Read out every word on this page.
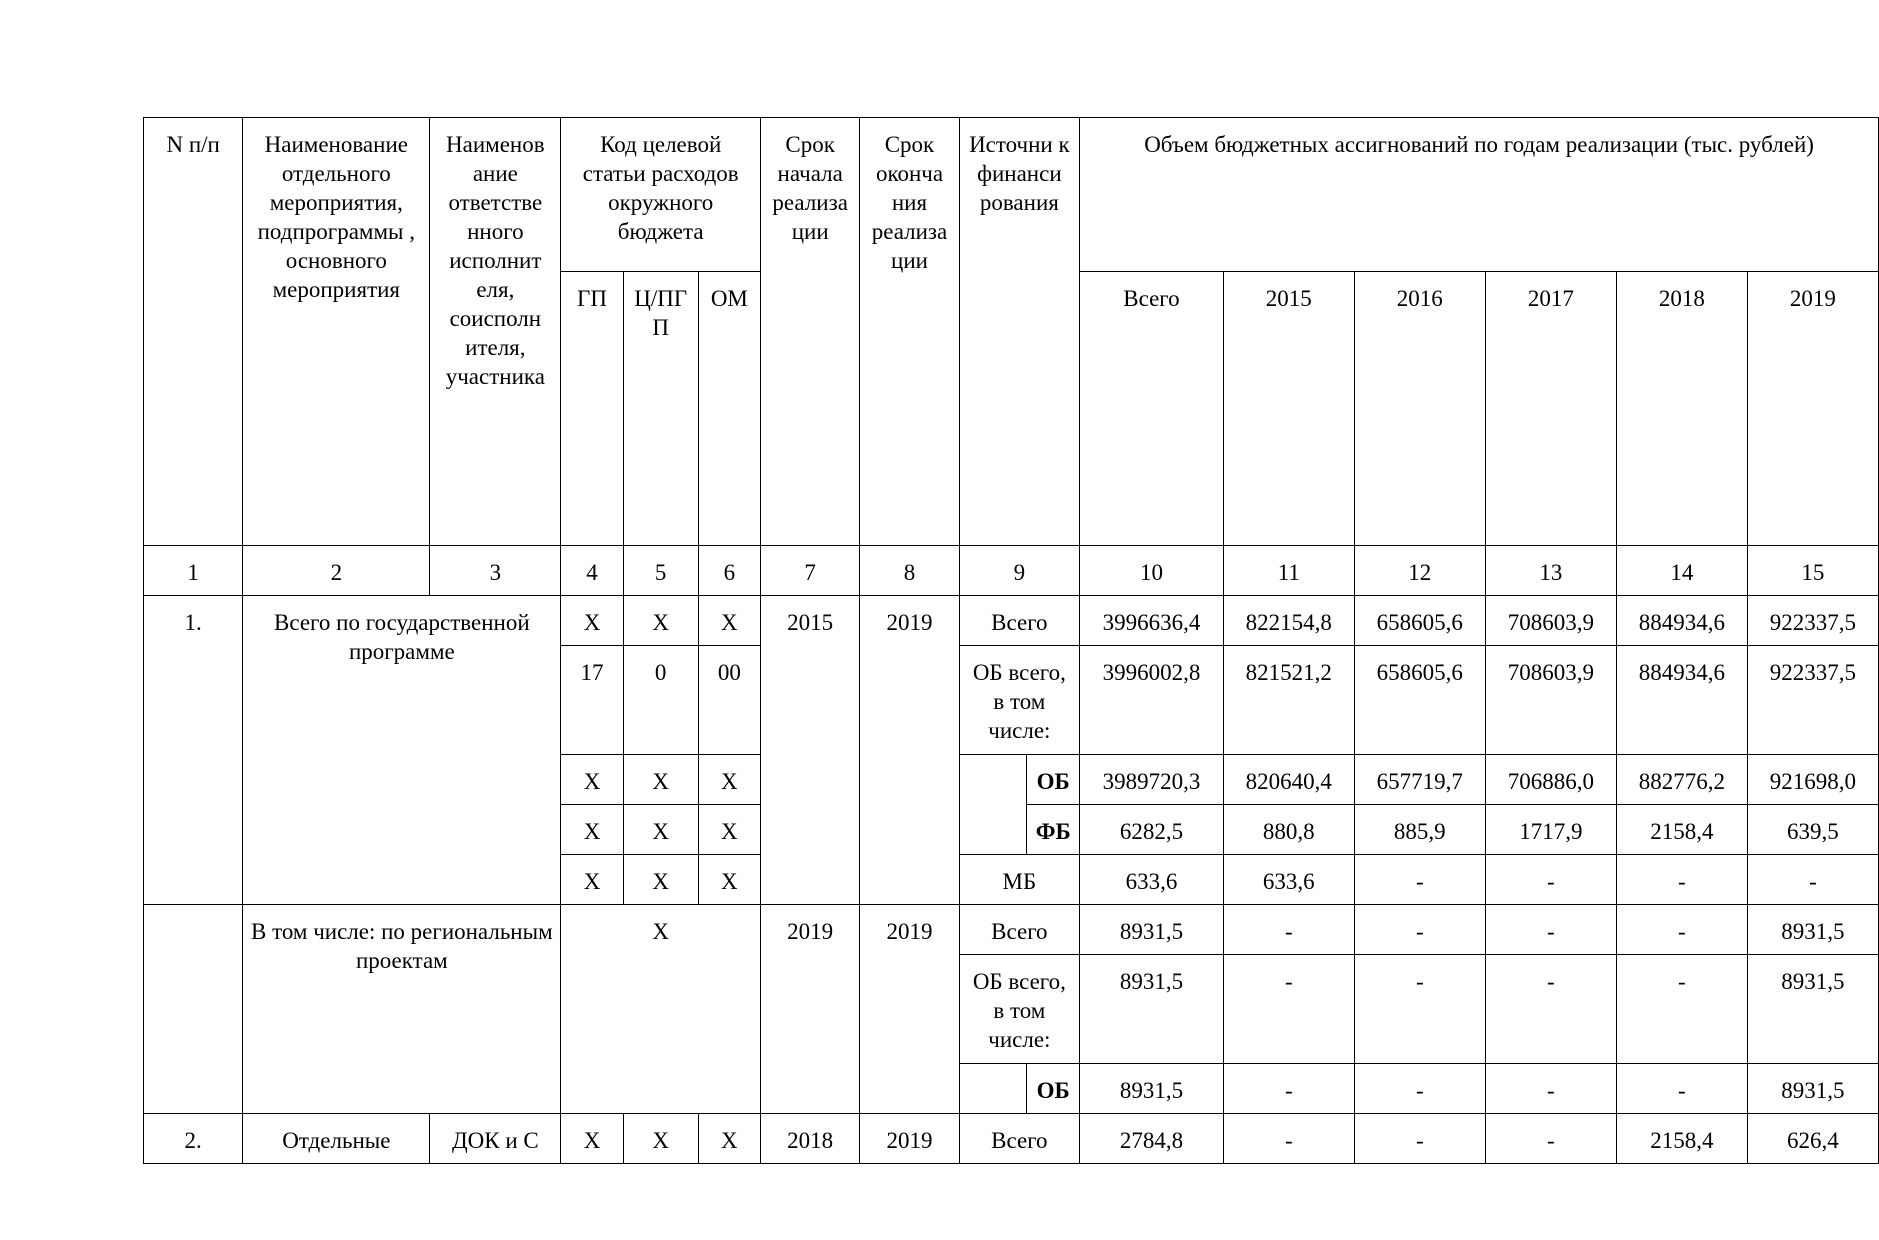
N п/п	Наименование отдельного мероприятия, подпрограммы , основного мероприятия	Наименов ание ответстве нного исполнит еля, соисполн ителя, участника	Код целевой статьи расходов окружного бюджета			Срок начала реализа ции	Срок оконча ния реализа ции	Источни к финанси рования		Объем бюджетных ассигнований по годам реализации (тыс. рублей)					
			ГП	Ц/ПГ П	ОМ					Всего	2015	2016	2017	2018	2019
1	2	3	4	5	6	7	8	9		10	11	12	13	14	15
1.	Всего по государственной программе		X	X	X	2015	2019	Всего		3996636,4	822154,8	658605,6	708603,9	884934,6	922337,5
			17	0	00			ОБ всего, в том числе:		3996002,8	821521,2	658605,6	708603,9	884934,6	922337,5
			X	X	X				ОБ	3989720,3	820640,4	657719,7	706886,0	882776,2	921698,0
			X	X	X				ФБ	6282,5	880,8	885,9	1717,9	2158,4	639,5
			X	X	X			МБ		633,6	633,6	-	-	-	-
	В том числе: по региональным проектам		X			2019	2019	Всего		8931,5	-	-	-	-	8931,5
								ОБ всего, в том числе:		8931,5	-	-	-	-	8931,5
									ОБ	8931,5	-	-	-	-	8931,5
2.	Отдельные	ДОК и С	X	X	X	2018	2019	Всего		2784,8	-	-	-	2158,4	626,4
